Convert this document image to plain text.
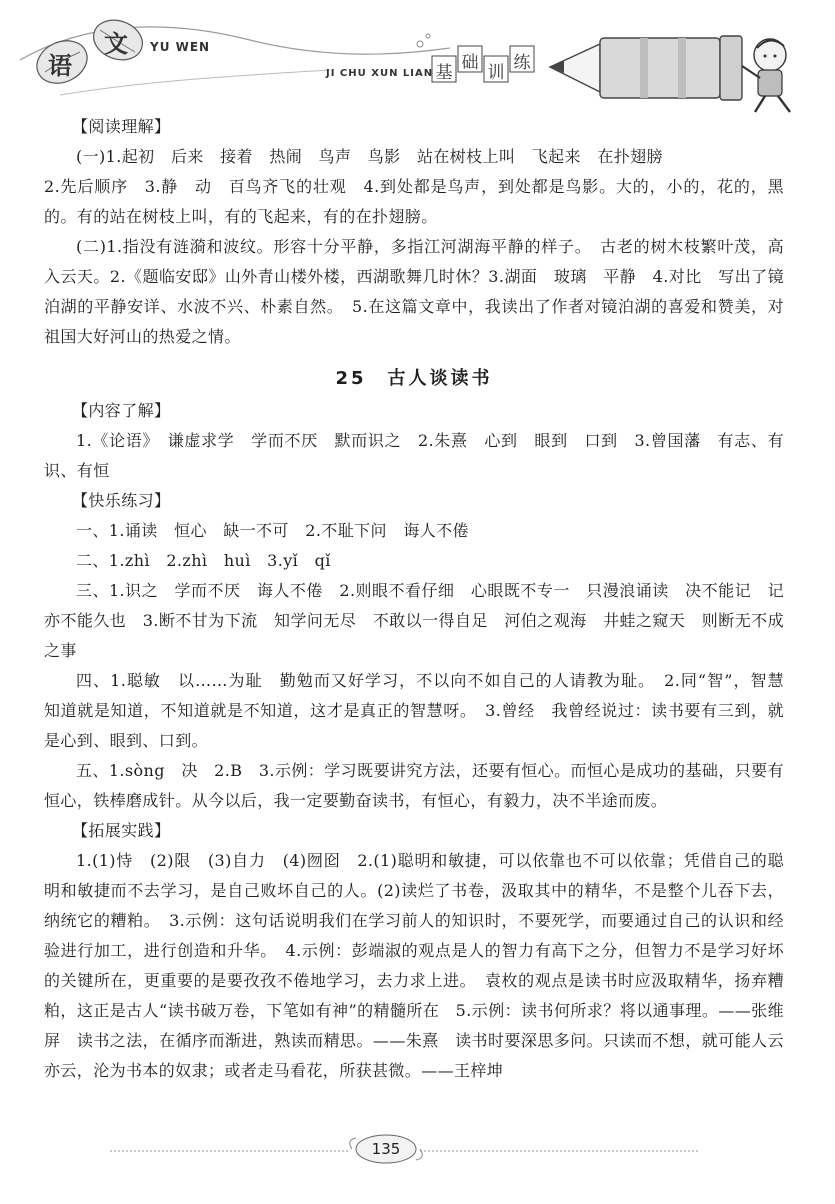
语
文 YU WEN
JI CHU XUN LIAN 基 础 训 练

【阅读理解】

(一)1.起初　后来　接着　热闹　鸟声　鸟影　站在树枝上叫　飞起来　在扑翅膀

2.先后顺序　3.静　动　百鸟齐飞的壮观　4.到处都是鸟声，到处都是鸟影。大的，小的，花的，黑的。有的站在树枝上叫，有的飞起来，有的在扑翅膀。

(二)1.指没有涟漪和波纹。形容十分平静，多指江河湖海平静的样子。　古老的树木枝繁叶茂，高入云天。2.《题临安邸》山外青山楼外楼，西湖歌舞几时休？3.湖面　玻璃　平静　4.对比　写出了镜泊湖的平静安详、水波不兴、朴素自然。　5.在这篇文章中，我读出了作者对镜泊湖的喜爱和赞美，对祖国大好河山的热爱之情。

25　古人谈读书

【内容了解】

1.《论语》　谦虚求学　学而不厌　默而识之　2.朱熹　心到　眼到　口到　3.曾国藩　有志、有识、有恒

【快乐练习】

一、1.诵读　恒心　缺一不可　2.不耻下问　诲人不倦

二、1.zhì　2.zhì　huì　3.yǐ　qǐ

三、1.识之　学而不厌　诲人不倦　2.则眼不看仔细　心眼既不专一　只漫浪诵读　决不能记　记亦不能久也　3.断不甘为下流　知学问无尽　不敢以一得自足　河伯之观海　井蛙之窥天　则断无不成之事

四、1.聪敏　以……为耻　勤勉而又好学习，不以向不如自己的人请教为耻。　2.同“智”，智慧　知道就是知道，不知道就是不知道，这才是真正的智慧呀。　3.曾经　我曾经说过：读书要有三到，就是心到、眼到、口到。

五、1.sòng　决　2.B　3.示例：学习既要讲究方法，还要有恒心。而恒心是成功的基础，只要有恒心，铁棒磨成针。从今以后，我一定要勤奋读书，有恒心，有毅力，决不半途而废。

【拓展实践】

1.(1)恃　(2)限　(3)自力　(4)囫囵　2.(1)聪明和敏捷，可以依靠也不可以依靠；凭借自己的聪明和敏捷而不去学习，是自己败坏自己的人。(2)读烂了书卷，汲取其中的精华，不是整个儿吞下去，纳统它的糟粕。　3.示例：这句话说明我们在学习前人的知识时，不要死学，而要通过自己的认识和经验进行加工，进行创造和升华。　4.示例：彭端淑的观点是人的智力有高下之分，但智力不是学习好坏的关键所在，更重要的是要孜孜不倦地学习，去力求上进。　袁枚的观点是读书时应汲取精华，扬弃糟粕，这正是古人“读书破万卷，下笔如有神”的精髓所在　5.示例：读书何所求？将以通事理。——张维屏　读书之法，在循序而渐进，熟读而精思。——朱熹　读书时要深思多问。只读而不想，就可能人云亦云，沦为书本的奴隶；或者走马看花，所获甚微。——王梓坤

135
